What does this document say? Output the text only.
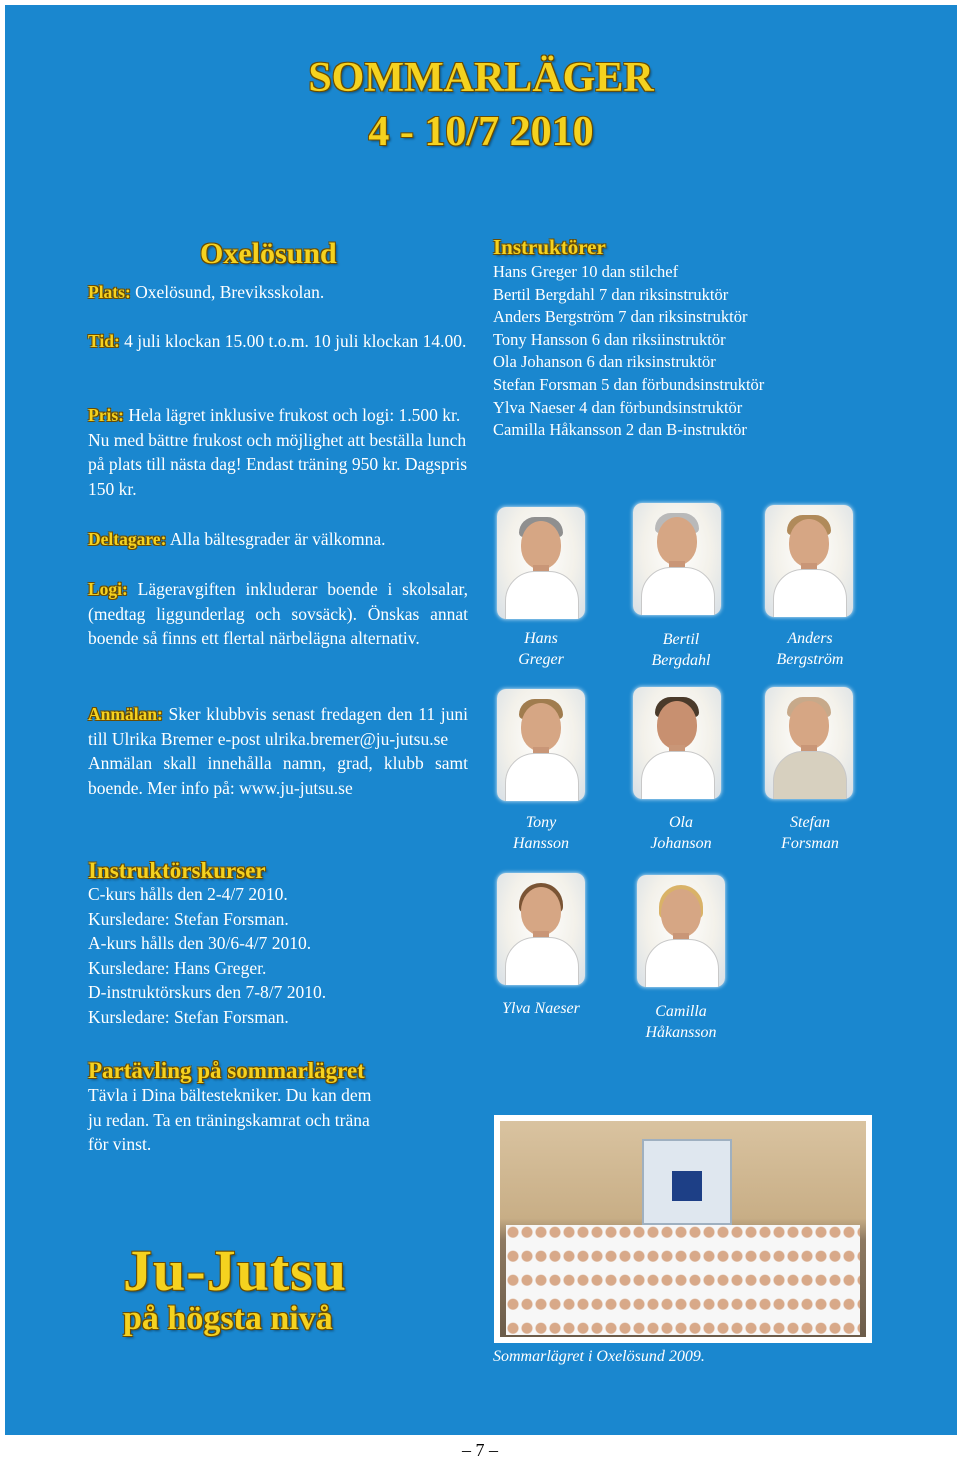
SOMMARLÄGER
4 - 10/7 2010
Oxelösund
Plats: Oxelösund, Breviksskolan.
Tid: 4 juli klockan 15.00 t.o.m. 10 juli klockan 14.00.
Pris: Hela lägret inklusive frukost och logi: 1.500 kr. Nu med bättre frukost och möjlighet att beställa lunch på plats till nästa dag! Endast träning 950 kr. Dagspris 150 kr.
Deltagare: Alla bältesgrader är välkomna.
Logi: Lägeravgiften inkluderar boende i skolsalar, (medtag liggunderlag och sovsäck). Önskas annat boende så finns ett flertal närbelägna alternativ.
Anmälan: Sker klubbvis senast fredagen den 11 juni till Ulrika Bremer e-post ulrika.bremer@ju-jutsu.se
Anmälan skall innehålla namn, grad, klubb samt boende. Mer info på: www.ju-jutsu.se
Instruktörskurser
C-kurs hålls den 2-4/7 2010.
Kursledare: Stefan Forsman.
A-kurs hålls den 30/6-4/7 2010.
Kursledare: Hans Greger.
D-instruktörskurs den 7-8/7 2010.
Kursledare: Stefan Forsman.
Partävling på sommarlägret
Tävla i Dina bältestekniker. Du kan dem
ju redan. Ta en träningskamrat och träna
för vinst.
Instruktörer
Hans Greger 10 dan stilchef
Bertil Bergdahl 7 dan riksinstruktör
Anders Bergström 7 dan riksinstruktör
Tony Hansson 6 dan riksiinstruktör
Ola Johanson 6 dan riksinstruktör
Stefan Forsman 5 dan förbundsinstruktör
Ylva Naeser 4 dan förbundsinstruktör
Camilla Håkansson 2 dan B-instruktör
Hans
Greger
Bertil
Bergdahl
Anders
Bergström
Tony
Hansson
Ola
Johanson
Stefan
Forsman
Ylva Naeser	Camilla
Håkansson
Sommarlägret i Oxelösund 2009.
Ju-Jutsu
på högsta nivå
– 7 –
